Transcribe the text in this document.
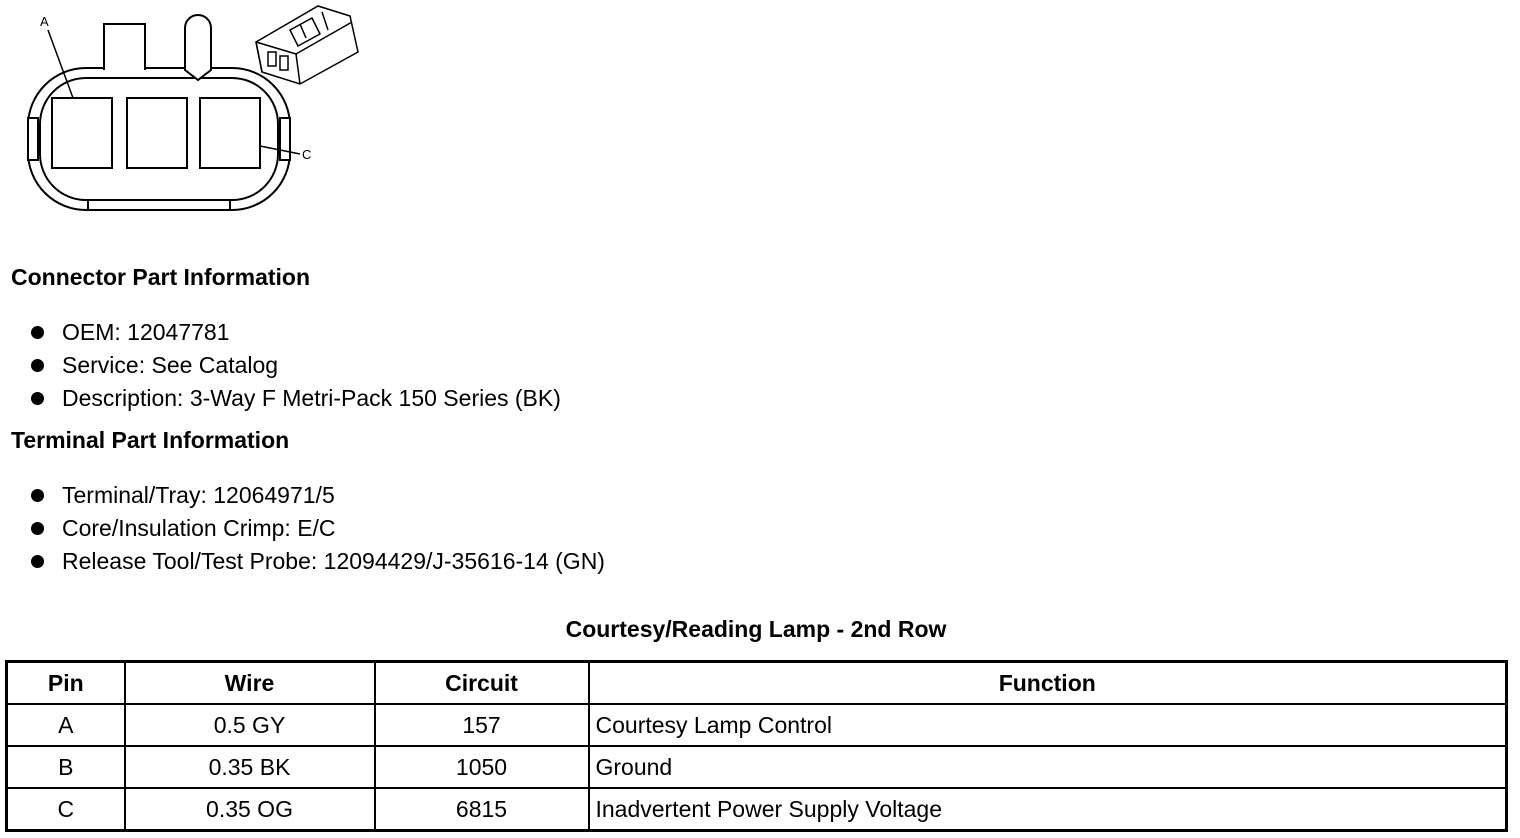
A
C
Connector Part Information
OEM: 12047781
Service: See Catalog
Description: 3-Way F Metri-Pack 150 Series (BK)
Terminal Part Information
Terminal/Tray: 12064971/5
Core/Insulation Crimp: E/C
Release Tool/Test Probe: 12094429/J-35616-14 (GN)
Courtesy/Reading Lamp - 2nd Row
Pin	Wire	Circuit	Function
A	0.5 GY	157	Courtesy Lamp Control
B	0.35 BK	1050	Ground
C	0.35 OG	6815	Inadvertent Power Supply Voltage
